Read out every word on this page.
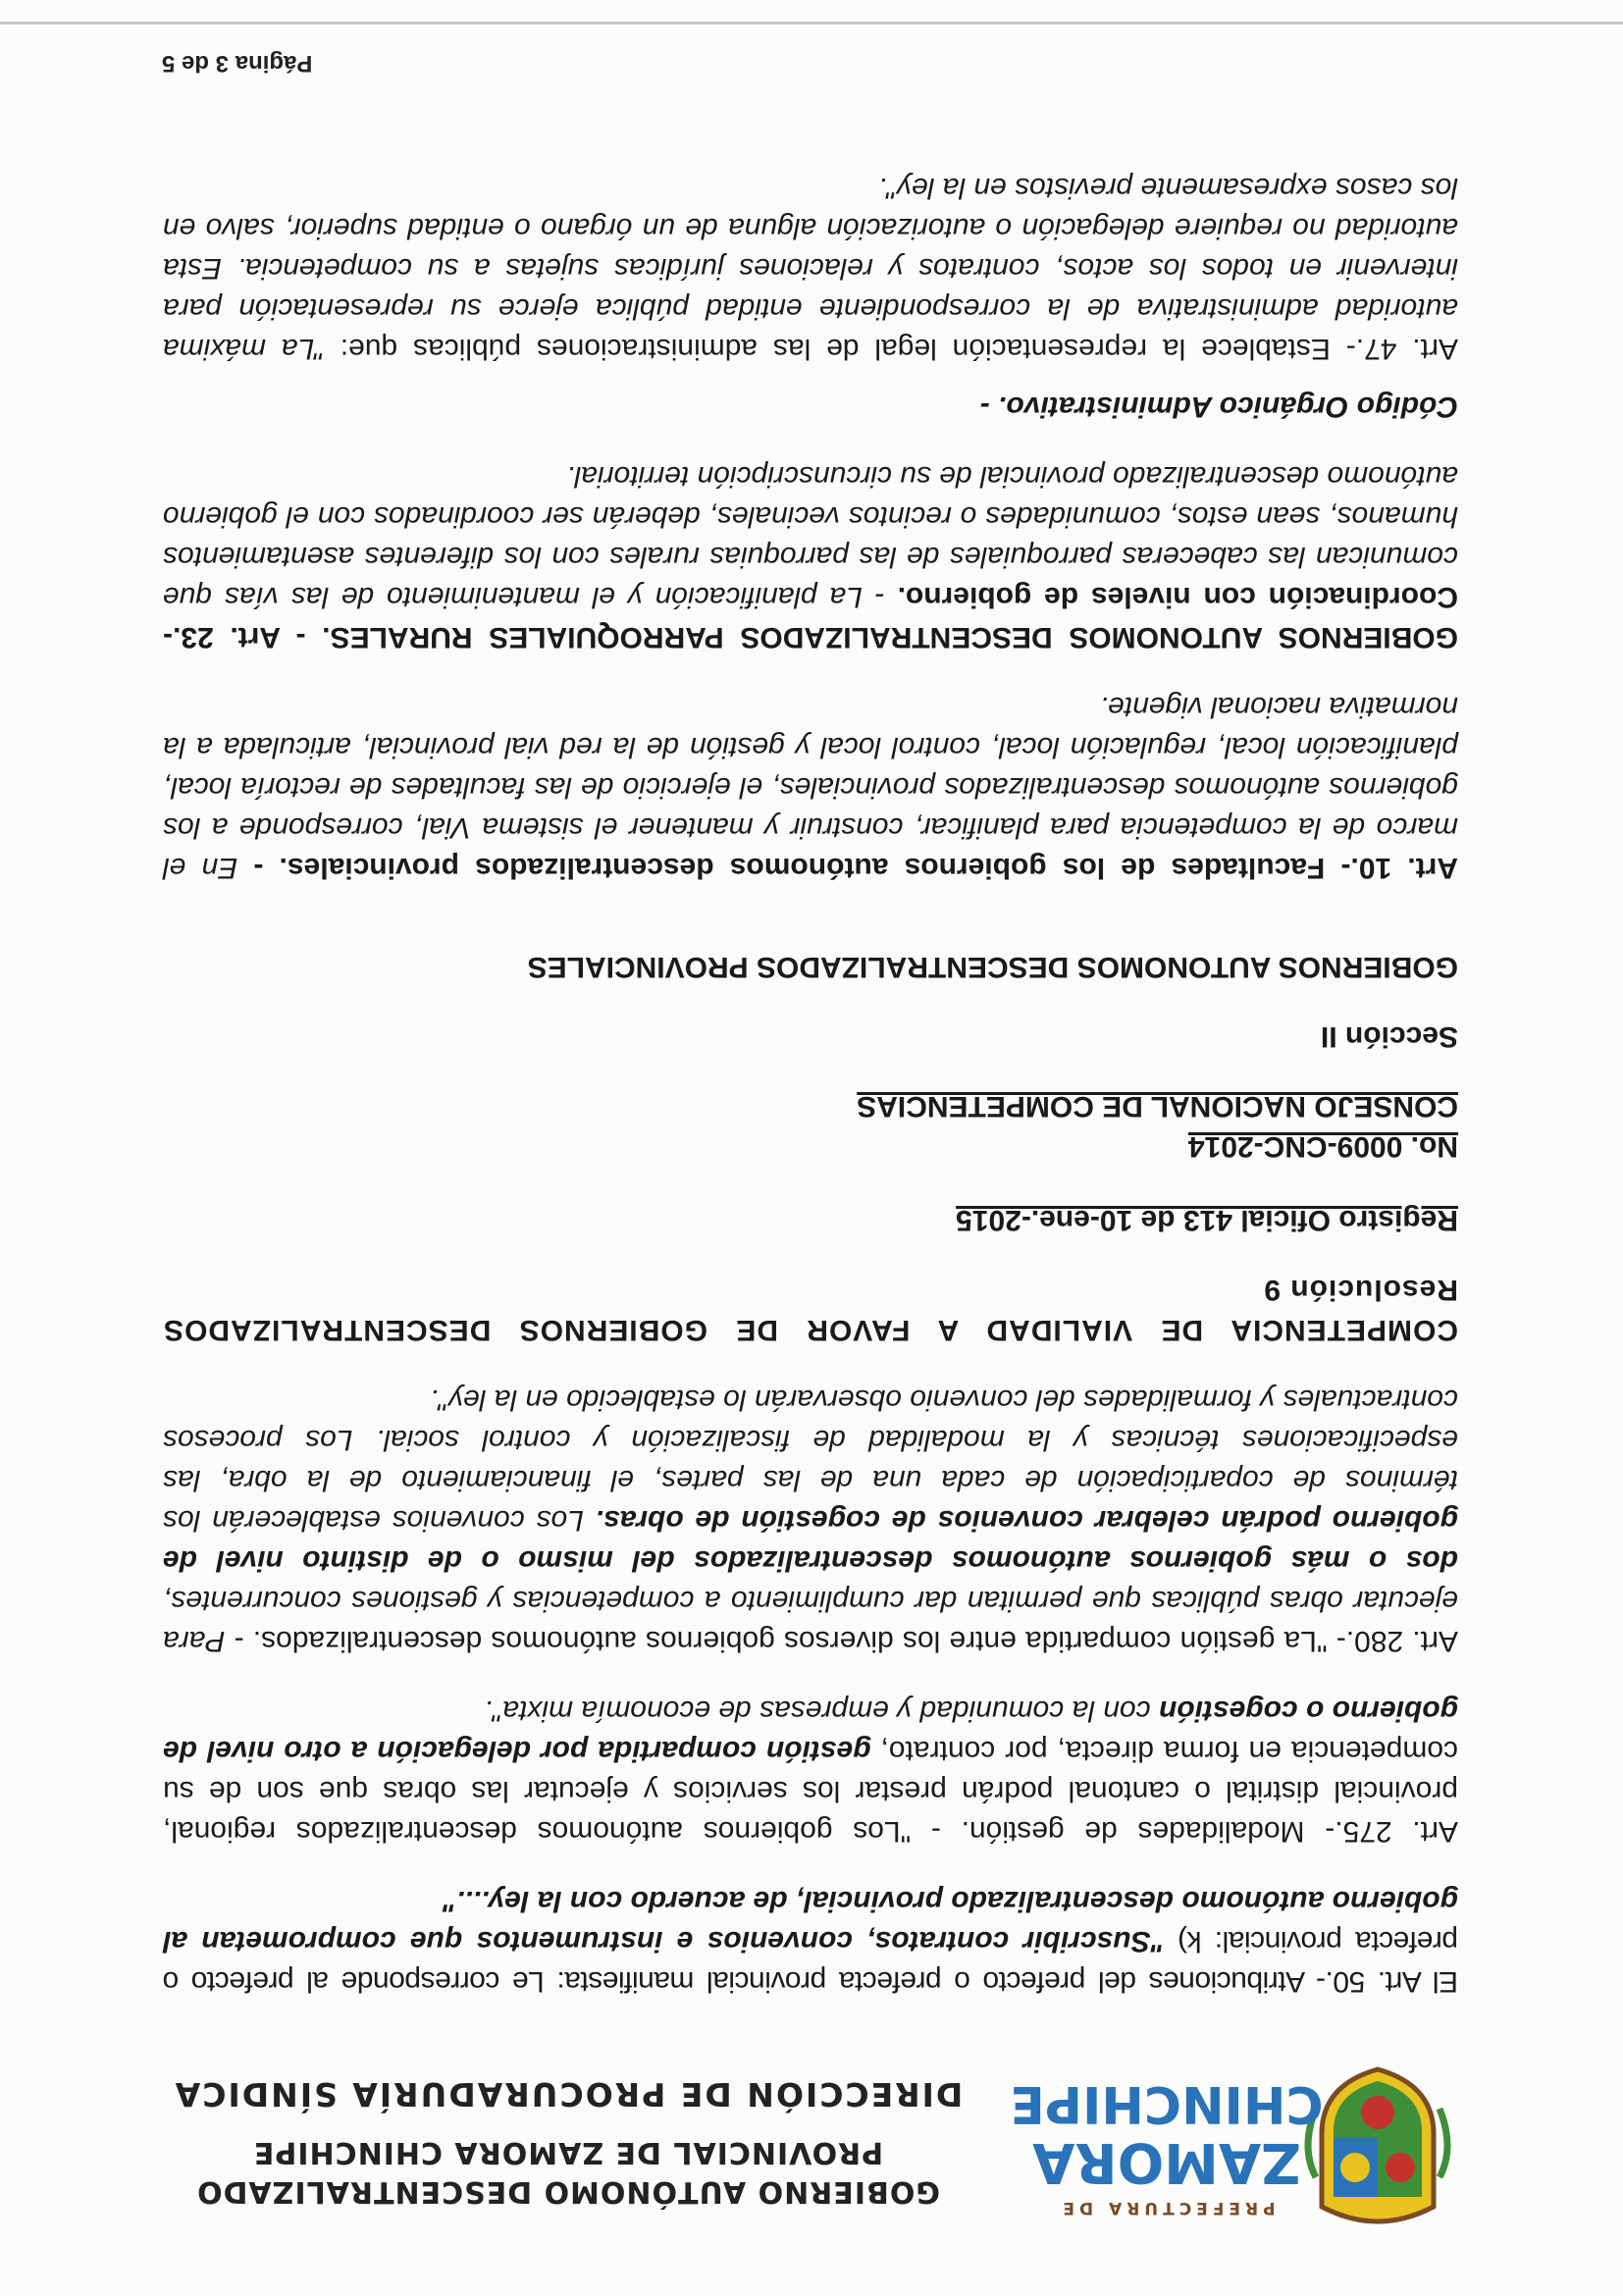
PREFECTURA DE
ZAMORA
CHINCHIPE
GOBIERNO AUTÓNOMO DESCENTRALIZADO
PROVINCIAL DE ZAMORA CHINCHIPE
DIRECCIÓN DE PROCURADURÍA SÍNDICA

El Art. 50.- Atribuciones del prefecto o prefecta provincial manifiesta: Le corresponde al prefecto o prefecta provincial: k) "Suscribir contratos, convenios e instrumentos que comprometan al gobierno autónomo descentralizado provincial, de acuerdo con la ley...."

Art. 275.- Modalidades de gestión. - "Los gobiernos autónomos descentralizados regional, provincial distrital o cantonal podrán prestar los servicios y ejecutar las obras que son de su competencia en forma directa, por contrato, gestión compartida por delegación a otro nivel de gobierno o cogestión con la comunidad y empresas de economía mixta".

Art. 280.- "La gestión compartida entre los diversos gobiernos autónomos descentralizados. - Para ejecutar obras públicas que permitan dar cumplimiento a competencias y gestiones concurrentes, dos o más gobiernos autónomos descentralizados del mismo o de distinto nivel de gobierno podrán celebrar convenios de cogestión de obras. Los convenios establecerán los términos de coparticipación de cada una de las partes, el financiamiento de la obra, las especificaciones técnicas y la modalidad de fiscalización y control social. Los procesos contractuales y formalidades del convenio observarán lo establecido en la ley".

COMPETENCIA DE VIALIDAD A FAVOR DE GOBIERNOS DESCENTRALIZADOS Resolución 9

Registro Oficial 413 de 10-ene.-2015
No. 0009-CNC-2014
CONSEJO NACIONAL DE COMPETENCIAS

Sección II

GOBIERNOS AUTONOMOS DESCENTRALIZADOS PROVINCIALES

Art. 10.- Facultades de los gobiernos autónomos descentralizados provinciales. - En el marco de la competencia para planificar, construir y mantener el sistema Vial, corresponde a los gobiernos autónomos descentralizados provinciales, el ejercicio de las facultades de rectoría local, planificación local, regulación local, control local y gestión de la red vial provincial, articulada a la normativa nacional vigente.

GOBIERNOS AUTONOMOS DESCENTRALIZADOS PARROQUIALES RURALES. - Art. 23.- Coordinación con niveles de gobierno. - La planificación y el mantenimiento de las vías que comunican las cabeceras parroquiales de las parroquias rurales con los diferentes asentamientos humanos, sean estos, comunidades o recintos vecinales, deberán ser coordinados con el gobierno autónomo descentralizado provincial de su circunscripción territorial.

Código Orgánico Administrativo. -

Art. 47.- Establece la representación legal de las administraciones públicas que: "La máxima autoridad administrativa de la correspondiente entidad pública ejerce su representación para intervenir en todos los actos, contratos y relaciones jurídicas sujetas a su competencia. Esta autoridad no requiere delegación o autorización alguna de un órgano o entidad superior, salvo en los casos expresamente previstos en la ley".

Página 3 de 5
